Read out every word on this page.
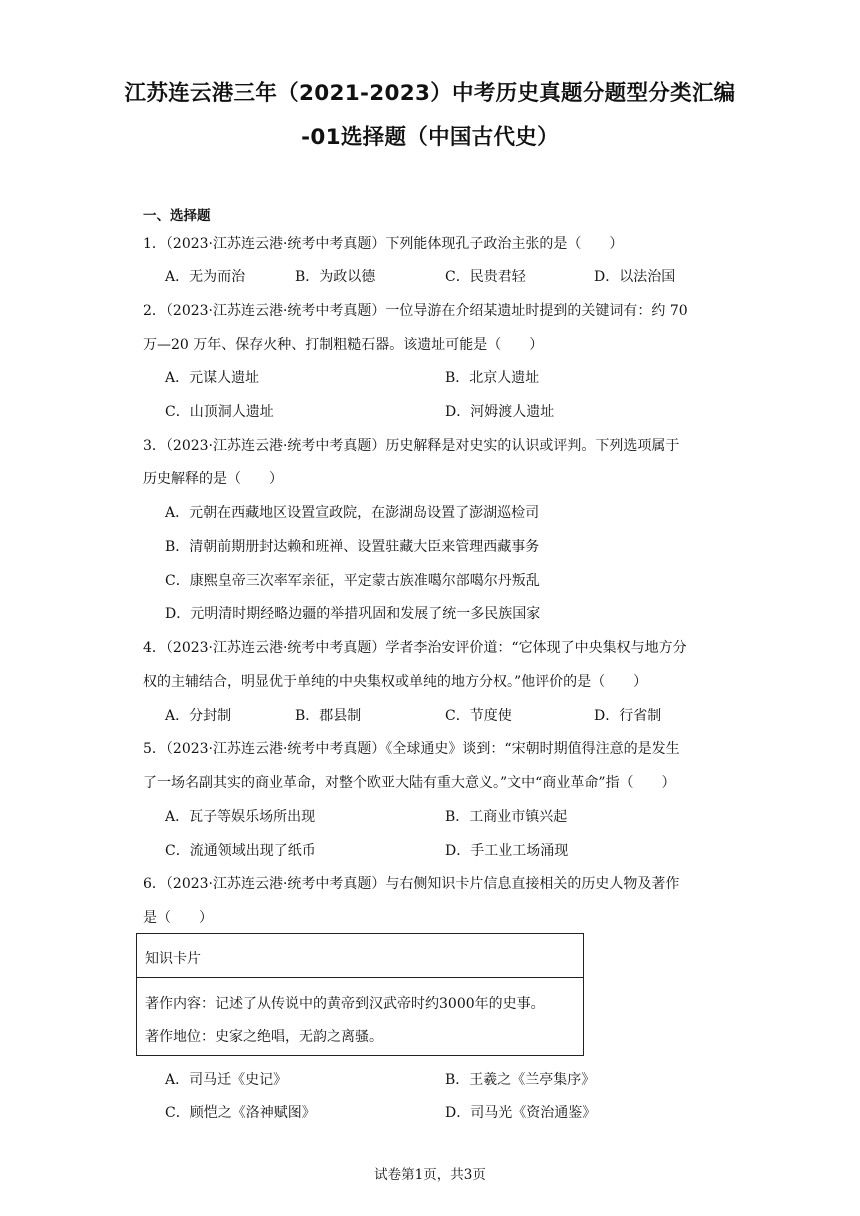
江苏连云港三年（2021-2023）中考历史真题分题型分类汇编
-01选择题（中国古代史）
一、选择题
1．（2023·江苏连云港·统考中考真题）下列能体现孔子政治主张的是（　　）
A．无为而治	B．为政以德	C．民贵君轻	D．以法治国
2．（2023·江苏连云港·统考中考真题）一位导游在介绍某遗址时提到的关键词有：约 70
万—20 万年、保存火种、打制粗糙石器。该遗址可能是（　　）
A．元谋人遗址	B．北京人遗址
C．山顶洞人遗址	D．河姆渡人遗址
3．（2023·江苏连云港·统考中考真题）历史解释是对史实的认识或评判。下列选项属于
历史解释的是（　　）
A．元朝在西藏地区设置宣政院，在澎湖岛设置了澎湖巡检司
B．清朝前期册封达赖和班禅、设置驻藏大臣来管理西藏事务
C．康熙皇帝三次率军亲征，平定蒙古族准噶尔部噶尔丹叛乱
D．元明清时期经略边疆的举措巩固和发展了统一多民族国家
4．（2023·江苏连云港·统考中考真题）学者李治安评价道：“它体现了中央集权与地方分
权的主辅结合，明显优于单纯的中央集权或单纯的地方分权。”他评价的是（　　）
A．分封制	B．郡县制	C．节度使	D．行省制
5．（2023·江苏连云港·统考中考真题）《全球通史》谈到：“宋朝时期值得注意的是发生
了一场名副其实的商业革命，对整个欧亚大陆有重大意义。”文中“商业革命”指（　　）
A．瓦子等娱乐场所出现	B．工商业市镇兴起
C．流通领域出现了纸币	D．手工业工场涌现
6．（2023·江苏连云港·统考中考真题）与右侧知识卡片信息直接相关的历史人物及著作
是（　　）
知识卡片
著作内容：记述了从传说中的黄帝到汉武帝时约3000年的史事。
著作地位：史家之绝唱，无韵之离骚。
A．司马迁《史记》	B．王羲之《兰亭集序》
C．顾恺之《洛神赋图》	D．司马光《资治通鉴》
试卷第1页，共3页
